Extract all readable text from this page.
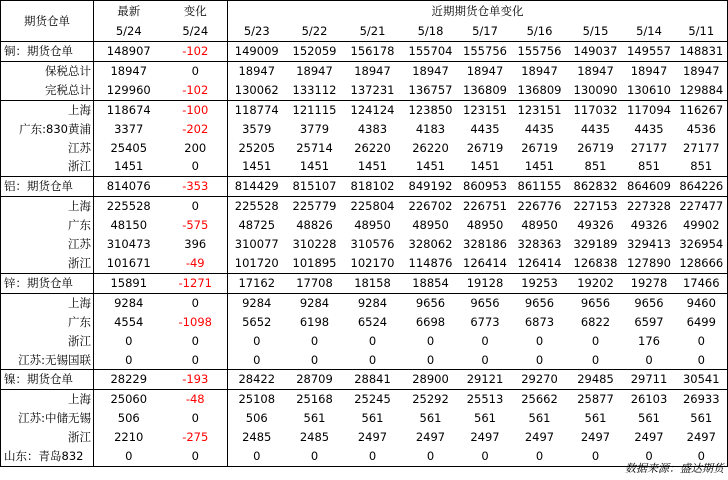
期货仓单	最新	变化	近期期货仓单变化								
	5/24	5/24	5/23	5/22	5/21	5/18	5/17	5/16	5/15	5/14	5/11
铜：期货仓单	148907	-102	149009	152059	156178	155704	155756	155756	149037	149557	148831
保税总计	18947	0	18947	18947	18947	18947	18947	18947	18947	18947	18947
完税总计	129960	-102	130062	133112	137231	136757	136809	136809	130090	130610	129884
上海	118674	-100	118774	121115	124124	123850	123151	123151	117032	117094	116267
广东:830黄浦	3377	-202	3579	3779	4383	4183	4435	4435	4435	4435	4536
江苏	25405	200	25205	25714	26220	26220	26719	26719	26719	27177	27177
浙江	1451	0	1451	1451	1451	1451	1451	1451	851	851	851
铝：期货仓单	814076	-353	814429	815107	818102	849192	860953	861155	862832	864609	864226
上海	225528	0	225528	225779	225804	226702	226751	226776	227153	227328	227477
广东	48150	-575	48725	48826	48950	48950	48950	48950	49326	49326	49902
江苏	310473	396	310077	310228	310576	328062	328186	328363	329189	329413	326954
浙江	101671	-49	101720	101895	102170	114876	126414	126414	126838	127890	128666
锌：期货仓单	15891	-1271	17162	17708	18158	18854	19128	19253	19202	19278	17466
上海	9284	0	9284	9284	9284	9656	9656	9656	9656	9656	9460
广东	4554	-1098	5652	6198	6524	6698	6773	6873	6822	6597	6499
浙江	0	0	0	0	0	0	0	0	0	176	0
江苏:无锡国联	0	0	0	0	0	0	0	0	0	0	0
镍：期货仓单	28229	-193	28422	28709	28841	28900	29121	29270	29485	29711	30541
上海	25060	-48	25108	25168	25245	25292	25513	25662	25877	26103	26933
江苏:中储无锡	506	0	506	561	561	561	561	561	561	561	561
浙江	2210	-275	2485	2485	2497	2497	2497	2497	2497	2497	2497
山东：青岛832	0	0	0	0	0	0	0	0	0	0	0
数据来源：盛达期货
